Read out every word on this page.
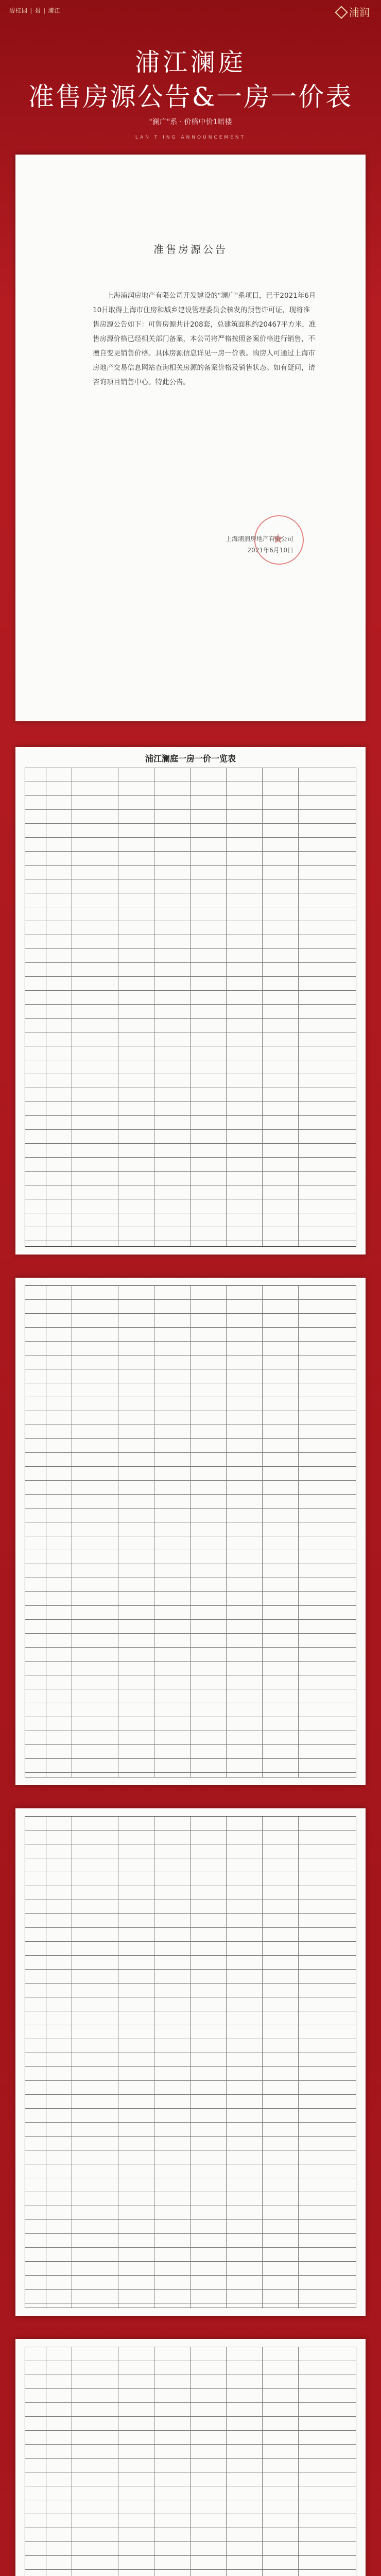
碧桂园 | 碧 | 浦江	浦润
浦江澜庭
准售房源公告&一房一价表
"澜广"系 · 价格中价1暗楼
LAN T ING ANNOUNCEMENT
准售房源公告
上海浦润房地产有限公司开发建设的"澜广"系项目，已于2021年6月10日取得上海市住房和城乡建设管理委员会核发的预售许可证，现将准售房源公告如下：可售房源共计208套，总建筑面积约20467平方米，准售房源价格已经相关部门备案，本公司将严格按照备案价格进行销售，不擅自变更销售价格。具体房源信息详见一房一价表。购房人可通过上海市房地产交易信息网站查询相关房源的备案价格及销售状态。如有疑问，请咨询项目销售中心。特此公告。
上海浦润房地产有限公司
2021年6月10日
浦江澜庭一房一价一览表
